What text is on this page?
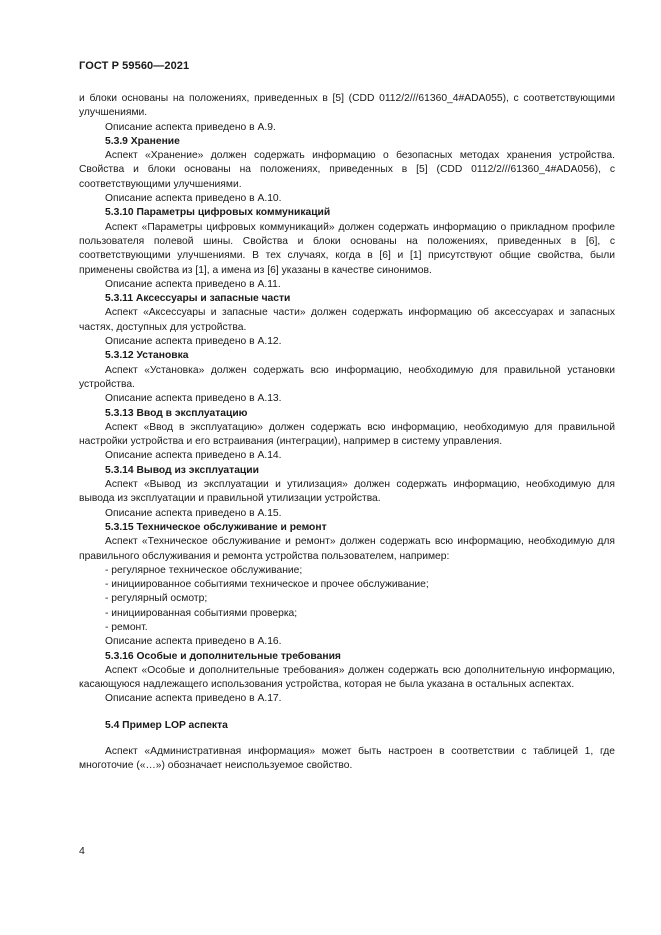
ГОСТ Р 59560—2021

и блоки основаны на положениях, приведенных в [5] (CDD 0112/2///61360_4#ADA055), с соответствующими улучшениями.

Описание аспекта приведено в А.9.

5.3.9 Хранение

Аспект «Хранение» должен содержать информацию о безопасных методах хранения устройства. Свойства и блоки основаны на положениях, приведенных в [5] (CDD 0112/2///61360_4#ADA056), с соответствующими улучшениями.

Описание аспекта приведено в А.10.

5.3.10 Параметры цифровых коммуникаций

Аспект «Параметры цифровых коммуникаций» должен содержать информацию о прикладном профиле пользователя полевой шины. Свойства и блоки основаны на положениях, приведенных в [6], с соответствующими улучшениями. В тех случаях, когда в [6] и [1] присутствуют общие свойства, были применены свойства из [1], а имена из [6] указаны в качестве синонимов.

Описание аспекта приведено в А.11.

5.3.11 Аксессуары и запасные части

Аспект «Аксессуары и запасные части» должен содержать информацию об аксессуарах и запасных частях, доступных для устройства.

Описание аспекта приведено в А.12.

5.3.12 Установка

Аспект «Установка» должен содержать всю информацию, необходимую для правильной установки устройства.

Описание аспекта приведено в А.13.

5.3.13 Ввод в эксплуатацию

Аспект «Ввод в эксплуатацию» должен содержать всю информацию, необходимую для правильной настройки устройства и его встраивания (интеграции), например в систему управления.

Описание аспекта приведено в А.14.

5.3.14 Вывод из эксплуатации

Аспект «Вывод из эксплуатации и утилизация» должен содержать информацию, необходимую для вывода из эксплуатации и правильной утилизации устройства.

Описание аспекта приведено в А.15.

5.3.15 Техническое обслуживание и ремонт

Аспект «Техническое обслуживание и ремонт» должен содержать всю информацию, необходимую для правильного обслуживания и ремонта устройства пользователем, например:

- регулярное техническое обслуживание;

- инициированное событиями техническое и прочее обслуживание;

- регулярный осмотр;

- инициированная событиями проверка;

- ремонт.

Описание аспекта приведено в А.16.

5.3.16 Особые и дополнительные требования

Аспект «Особые и дополнительные требования» должен содержать всю дополнительную информацию, касающуюся надлежащего использования устройства, которая не была указана в остальных аспектах.

Описание аспекта приведено в А.17.

5.4 Пример LOP аспекта

Аспект «Административная информация» может быть настроен в соответствии с таблицей 1, где многоточие («…») обозначает неиспользуемое свойство.

4
